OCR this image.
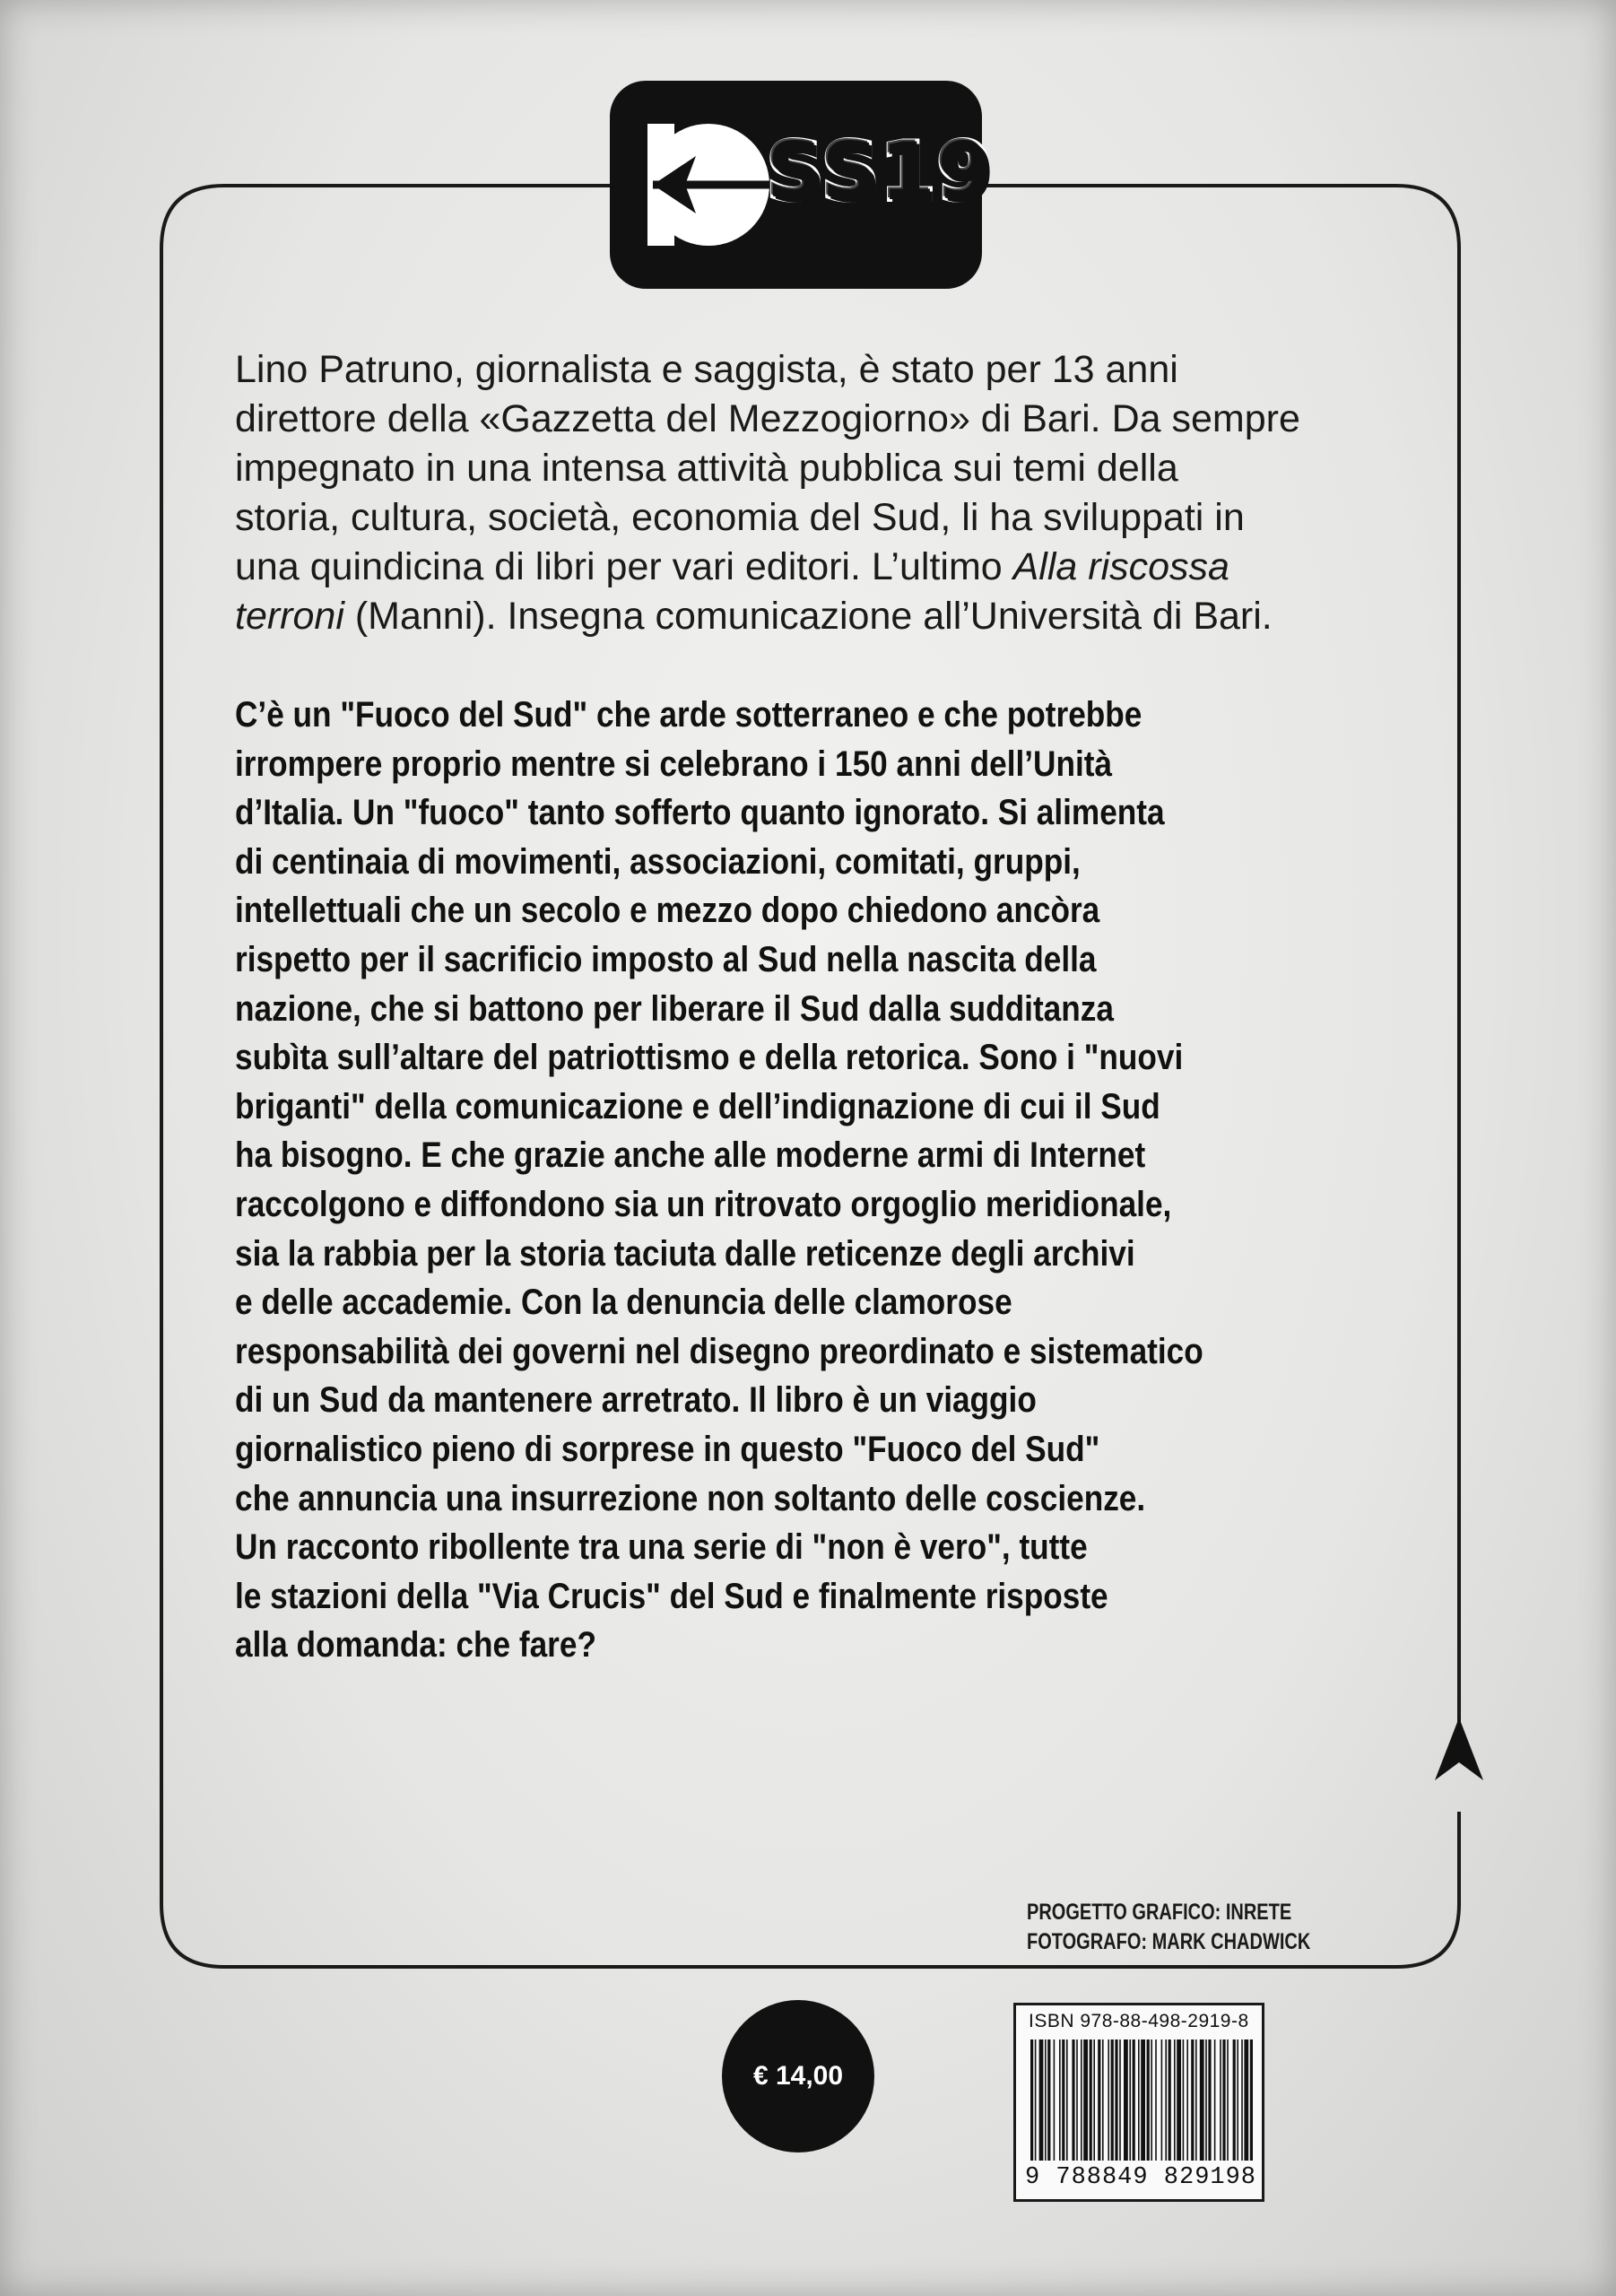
SS19
Lino Patruno, giornalista e saggista, è stato per 13 anni
direttore della «Gazzetta del Mezzogiorno» di Bari. Da sempre
impegnato in una intensa attività pubblica sui temi della
storia, cultura, società, economia del Sud, li ha sviluppati in
una quindicina di libri per vari editori. L’ultimo Alla riscossa
terroni (Manni). Insegna comunicazione all’Università di Bari.
C’è un "Fuoco del Sud" che arde sotterraneo e che potrebbe
irrompere proprio mentre si celebrano i 150 anni dell’Unità
d’Italia. Un "fuoco" tanto sofferto quanto ignorato. Si alimenta
di centinaia di movimenti, associazioni, comitati, gruppi,
intellettuali che un secolo e mezzo dopo chiedono ancòra
rispetto per il sacrificio imposto al Sud nella nascita della
nazione, che si battono per liberare il Sud dalla sudditanza
subìta sull’altare del patriottismo e della retorica. Sono i "nuovi
briganti" della comunicazione e dell’indignazione di cui il Sud
ha bisogno. E che grazie anche alle moderne armi di Internet
raccolgono e diffondono sia un ritrovato orgoglio meridionale,
sia la rabbia per la storia taciuta dalle reticenze degli archivi
e delle accademie. Con la denuncia delle clamorose
responsabilità dei governi nel disegno preordinato e sistematico
di un Sud da mantenere arretrato. Il libro è un viaggio
giornalistico pieno di sorprese in questo "Fuoco del Sud"
che annuncia una insurrezione non soltanto delle coscienze.
Un racconto ribollente tra una serie di "non è vero", tutte
le stazioni della "Via Crucis" del Sud e finalmente risposte
alla domanda: che fare?
PROGETTO GRAFICO: INRETE
FOTOGRAFO: MARK CHADWICK
€ 14,00
ISBN 978-88-498-2919-8
9 788849 829198
